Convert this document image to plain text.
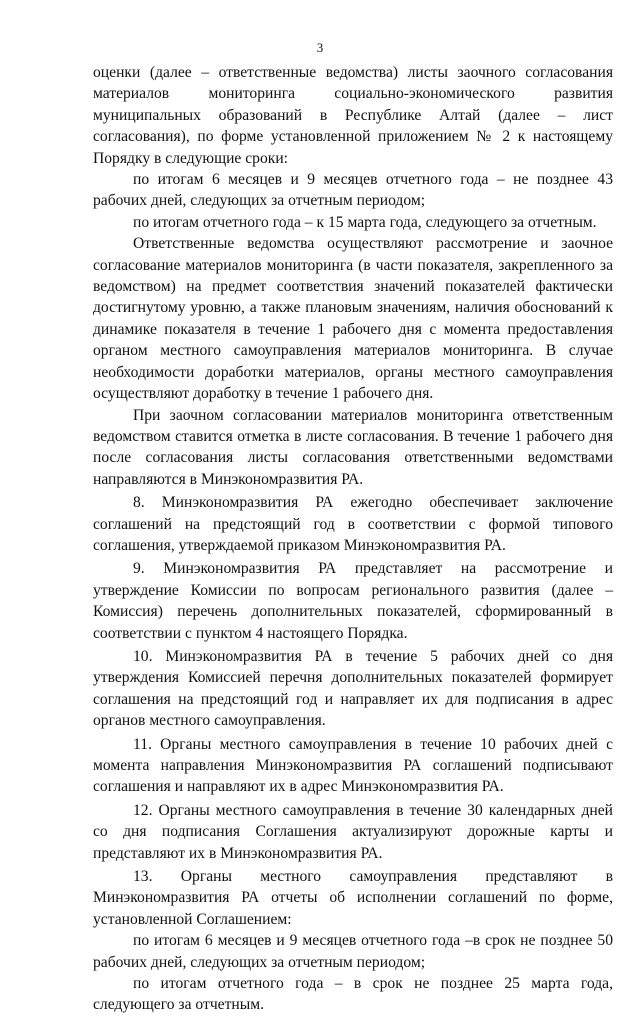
3

оценки (далее – ответственные ведомства) листы заочного согласования материалов мониторинга социально-экономического развития муниципальных образований в Республике Алтай (далее – лист согласования), по форме установленной приложением № 2 к настоящему Порядку в следующие сроки:

по итогам 6 месяцев и 9 месяцев отчетного года – не позднее 43 рабочих дней, следующих за отчетным периодом;

по итогам отчетного года – к 15 марта года, следующего за отчетным.

Ответственные ведомства осуществляют рассмотрение и заочное согласование материалов мониторинга (в части показателя, закрепленного за ведомством) на предмет соответствия значений показателей фактически достигнутому уровню, а также плановым значениям, наличия обоснований к динамике показателя в течение 1 рабочего дня с момента предоставления органом местного самоуправления материалов мониторинга. В случае необходимости доработки материалов, органы местного самоуправления осуществляют доработку в течение 1 рабочего дня.

При заочном согласовании материалов мониторинга ответственным ведомством ставится отметка в листе согласования. В течение 1 рабочего дня после согласования листы согласования ответственными ведомствами направляются в Минэкономразвития РА.

8. Минэкономразвития РА ежегодно обеспечивает заключение соглашений на предстоящий год в соответствии с формой типового соглашения, утверждаемой приказом Минэкономразвития РА.

9. Минэкономразвития РА представляет на рассмотрение и утверждение Комиссии по вопросам регионального развития (далее – Комиссия) перечень дополнительных показателей, сформированный в соответствии с пунктом 4 настоящего Порядка.

10. Минэкономразвития РА в течение 5 рабочих дней со дня утверждения Комиссией перечня дополнительных показателей формирует соглашения на предстоящий год и направляет их для подписания в адрес органов местного самоуправления.

11. Органы местного самоуправления в течение 10 рабочих дней с момента направления Минэкономразвития РА соглашений подписывают соглашения и направляют их в адрес Минэкономразвития РА.

12. Органы местного самоуправления в течение 30 календарных дней со дня подписания Соглашения актуализируют дорожные карты и представляют их в Минэкономразвития РА.

13. Органы местного самоуправления представляют в Минэкономразвития РА отчеты об исполнении соглашений по форме, установленной Соглашением:

по итогам 6 месяцев и 9 месяцев отчетного года –в срок не позднее 50 рабочих дней, следующих за отчетным периодом;

по итогам отчетного года – в срок не позднее 25 марта года, следующего за отчетным.
